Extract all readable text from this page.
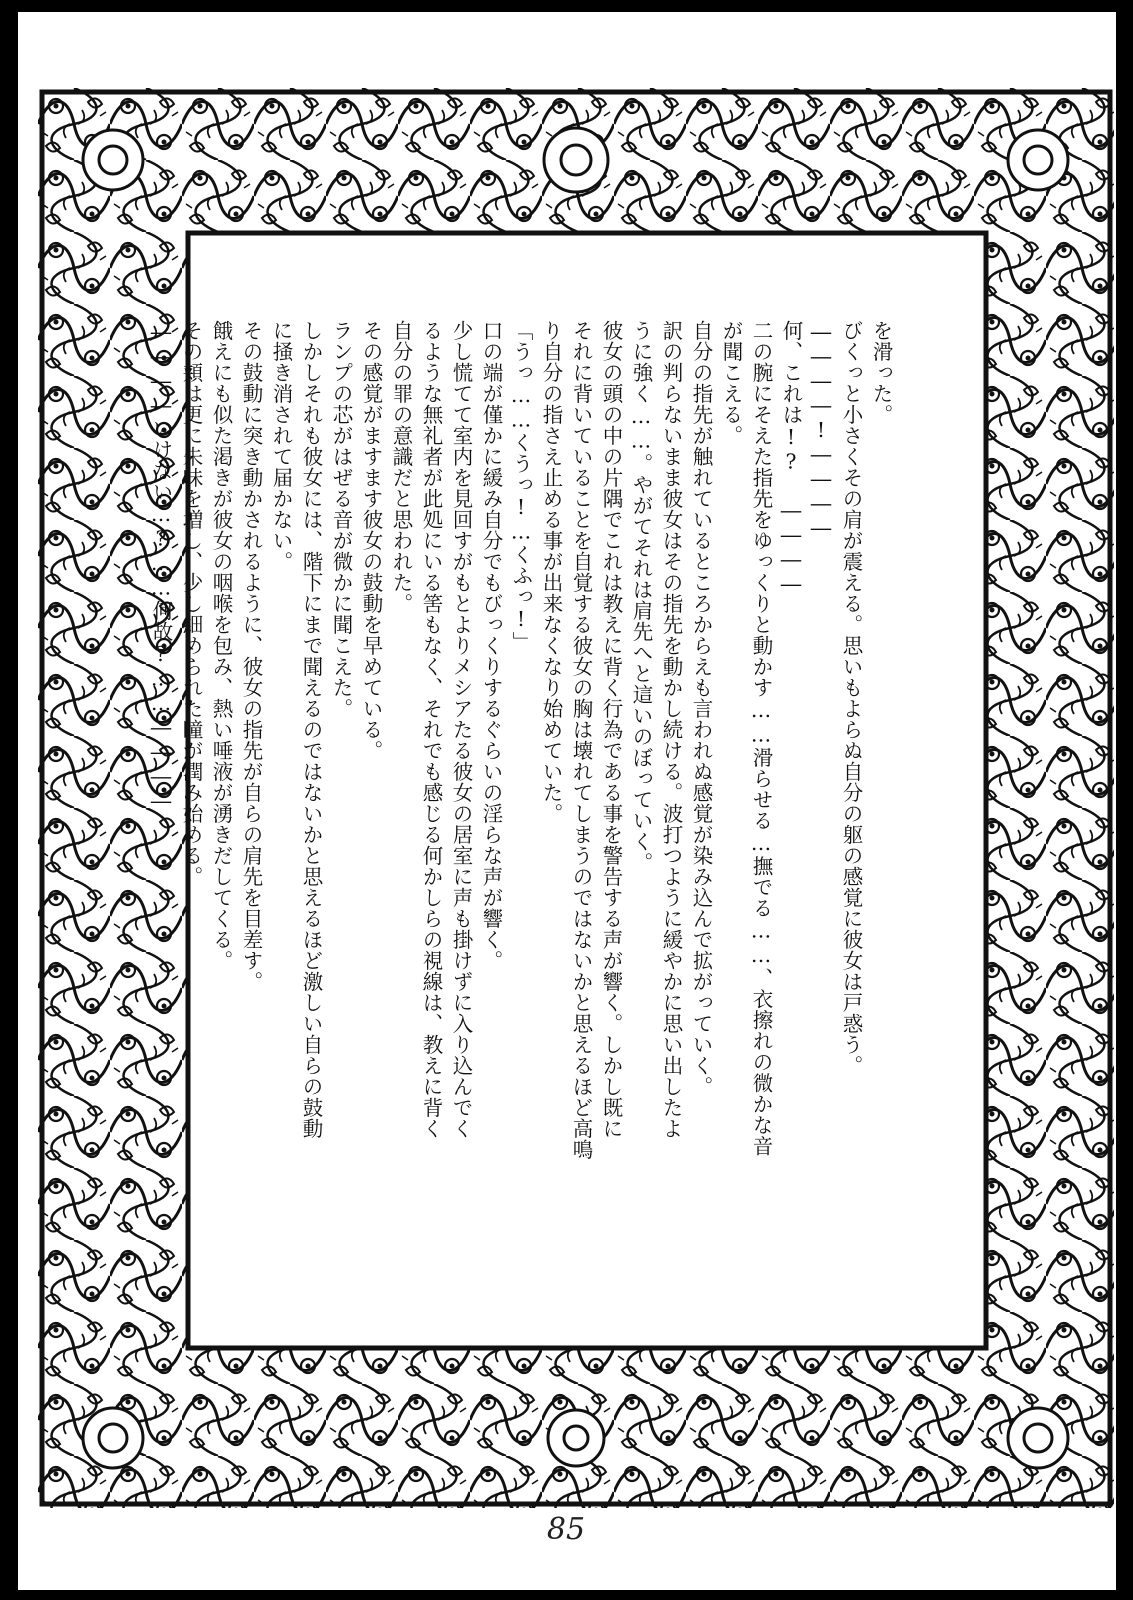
を滑った。
びくっと小さくその肩が震える。思いもよらぬ自分の躯の感覚に彼女は戸惑う。
――――!――――
何、これは!? ――――
二の腕にそえた指先をゆっくりと動かす……滑らせる…撫でる……、衣擦れの微かな音
が聞こえる。
自分の指先が触れているところからえも言われぬ感覚が染み込んで拡がっていく。
訳の判らないまま彼女はその指先を動かし続ける。波打つように緩やかに思い出したよ
うに強く……。やがてそれは肩先へと這いのぼっていく。
彼女の頭の中の片隅でこれは教えに背く行為である事を警告する声が響く。しかし既に
それに背いていることを自覚する彼女の胸は壊れてしまうのではないかと思えるほど高鳴
り自分の指さえ止める事が出来なくなり始めていた。
「うっ……くうっ!…くふっ!」
口の端が僅かに緩み自分でもびっくりするぐらいの淫らな声が響く。
少し慌てて室内を見回すがもとよりメシアたる彼女の居室に声も掛けずに入り込んでく
るような無礼者が此処にいる筈もなく、それでも感じる何かしらの視線は、教えに背く
自分の罪の意識だと思われた。
その感覚がますます彼女の鼓動を早めている。
ランプの芯がはぜる音が微かに聞こえた。
しかしそれも彼女には、階下にまで聞えるのではないかと思えるほど激しい自らの鼓動
に掻き消されて届かない。
その鼓動に突き動かされるように、彼女の指先が自らの肩先を目差す。
餓えにも似た渇きが彼女の咽喉を包み、熱い唾液が湧きだしてくる。
その頬は更に朱味を増し、少し細められた瞳が潤み始める。
――――いけない…?……何故?……――――
85
